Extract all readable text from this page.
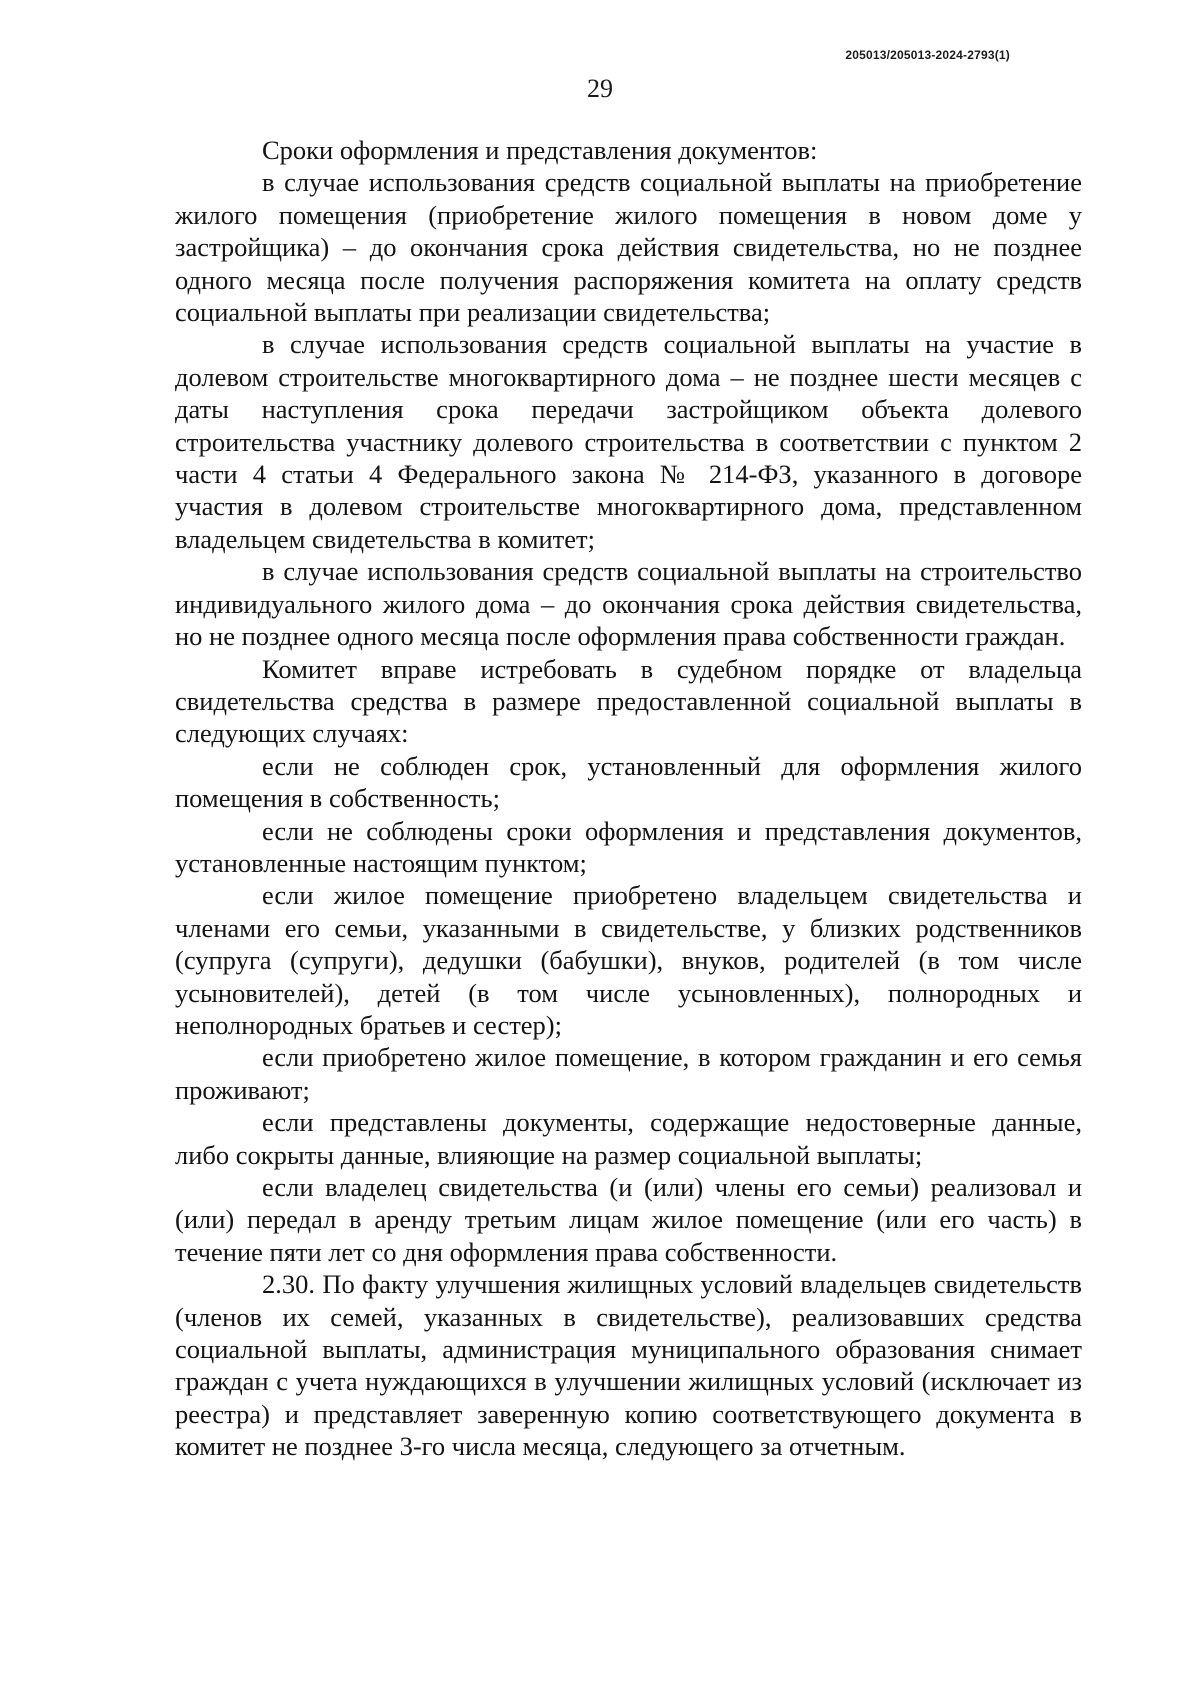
205013/205013-2024-2793(1)
29

Сроки оформления и представления документов:

в случае использования средств социальной выплаты на приобретение жилого помещения (приобретение жилого помещения в новом доме у застройщика) – до окончания срока действия свидетельства, но не позднее одного месяца после получения распоряжения комитета на оплату средств социальной выплаты при реализации свидетельства;

в случае использования средств социальной выплаты на участие в долевом строительстве многоквартирного дома – не позднее шести месяцев с даты наступления срока передачи застройщиком объекта долевого строительства участнику долевого строительства в соответствии с пунктом 2 части 4 статьи 4 Федерального закона № 214-ФЗ, указанного в договоре участия в долевом строительстве многоквартирного дома, представленном владельцем свидетельства в комитет;

в случае использования средств социальной выплаты на строительство индивидуального жилого дома – до окончания срока действия свидетельства, но не позднее одного месяца после оформления права собственности граждан.

Комитет вправе истребовать в судебном порядке от владельца свидетельства средства в размере предоставленной социальной выплаты в следующих случаях:

если не соблюден срок, установленный для оформления жилого помещения в собственность;

если не соблюдены сроки оформления и представления документов, установленные настоящим пунктом;

если жилое помещение приобретено владельцем свидетельства и членами его семьи, указанными в свидетельстве, у близких родственников (супруга (супруги), дедушки (бабушки), внуков, родителей (в том числе усыновителей), детей (в том числе усыновленных), полнородных и неполнородных братьев и сестер);

если приобретено жилое помещение, в котором гражданин и его семья проживают;

если представлены документы, содержащие недостоверные данные, либо сокрыты данные, влияющие на размер социальной выплаты;

если владелец свидетельства (и (или) члены его семьи) реализовал и (или) передал в аренду третьим лицам жилое помещение (или его часть) в течение пяти лет со дня оформления права собственности.

2.30. По факту улучшения жилищных условий владельцев свидетельств (членов их семей, указанных в свидетельстве), реализовавших средства социальной выплаты, администрация муниципального образования снимает граждан с учета нуждающихся в улучшении жилищных условий (исключает из реестра) и представляет заверенную копию соответствующего документа в комитет не позднее 3-го числа месяца, следующего за отчетным.
